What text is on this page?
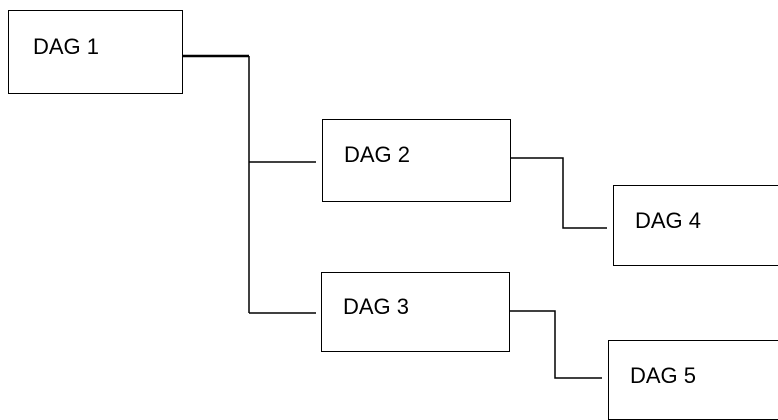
DAG 1
DAG 2
DAG 3
DAG 4
DAG 5
